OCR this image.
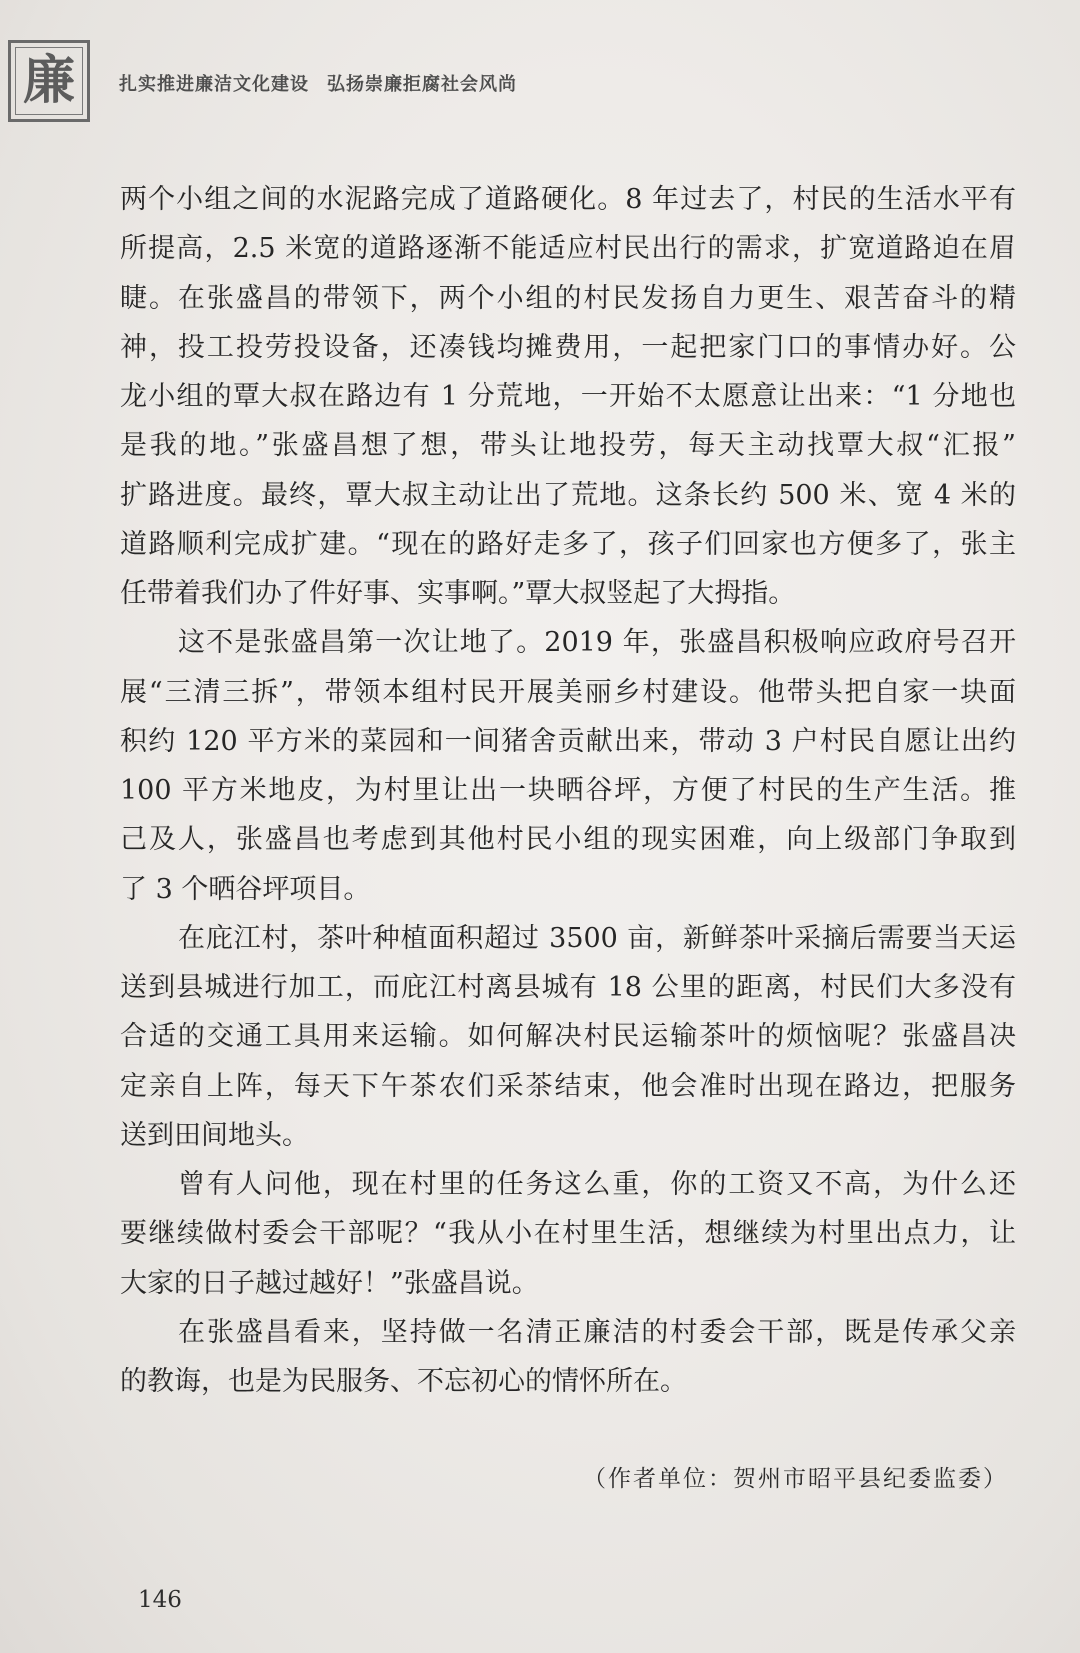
廉 扎实推进廉洁文化建设 弘扬崇廉拒腐社会风尚
两个小组之间的水泥路完成了道路硬化。8 年过去了，村民的生活水平有
所提高，2.5 米宽的道路逐渐不能适应村民出行的需求，扩宽道路迫在眉
睫。在张盛昌的带领下，两个小组的村民发扬自力更生、艰苦奋斗的精
神，投工投劳投设备，还凑钱均摊费用，一起把家门口的事情办好。公
龙小组的覃大叔在路边有 1 分荒地，一开始不太愿意让出来：“1 分地也
是我的地。”张盛昌想了想，带头让地投劳，每天主动找覃大叔“汇报”
扩路进度。最终，覃大叔主动让出了荒地。这条长约 500 米、宽 4 米的
道路顺利完成扩建。“现在的路好走多了，孩子们回家也方便多了，张主
任带着我们办了件好事、实事啊。”覃大叔竖起了大拇指。
这不是张盛昌第一次让地了。2019 年，张盛昌积极响应政府号召开
展“三清三拆”，带领本组村民开展美丽乡村建设。他带头把自家一块面
积约 120 平方米的菜园和一间猪舍贡献出来，带动 3 户村民自愿让出约
100 平方米地皮，为村里让出一块晒谷坪，方便了村民的生产生活。推
己及人，张盛昌也考虑到其他村民小组的现实困难，向上级部门争取到
了 3 个晒谷坪项目。
在庇江村，茶叶种植面积超过 3500 亩，新鲜茶叶采摘后需要当天运
送到县城进行加工，而庇江村离县城有 18 公里的距离，村民们大多没有
合适的交通工具用来运输。如何解决村民运输茶叶的烦恼呢？张盛昌决
定亲自上阵，每天下午茶农们采茶结束，他会准时出现在路边，把服务
送到田间地头。
曾有人问他，现在村里的任务这么重，你的工资又不高，为什么还
要继续做村委会干部呢？“我从小在村里生活，想继续为村里出点力，让
大家的日子越过越好！”张盛昌说。
在张盛昌看来，坚持做一名清正廉洁的村委会干部，既是传承父亲
的教诲，也是为民服务、不忘初心的情怀所在。
（作者单位：贺州市昭平县纪委监委）
146
